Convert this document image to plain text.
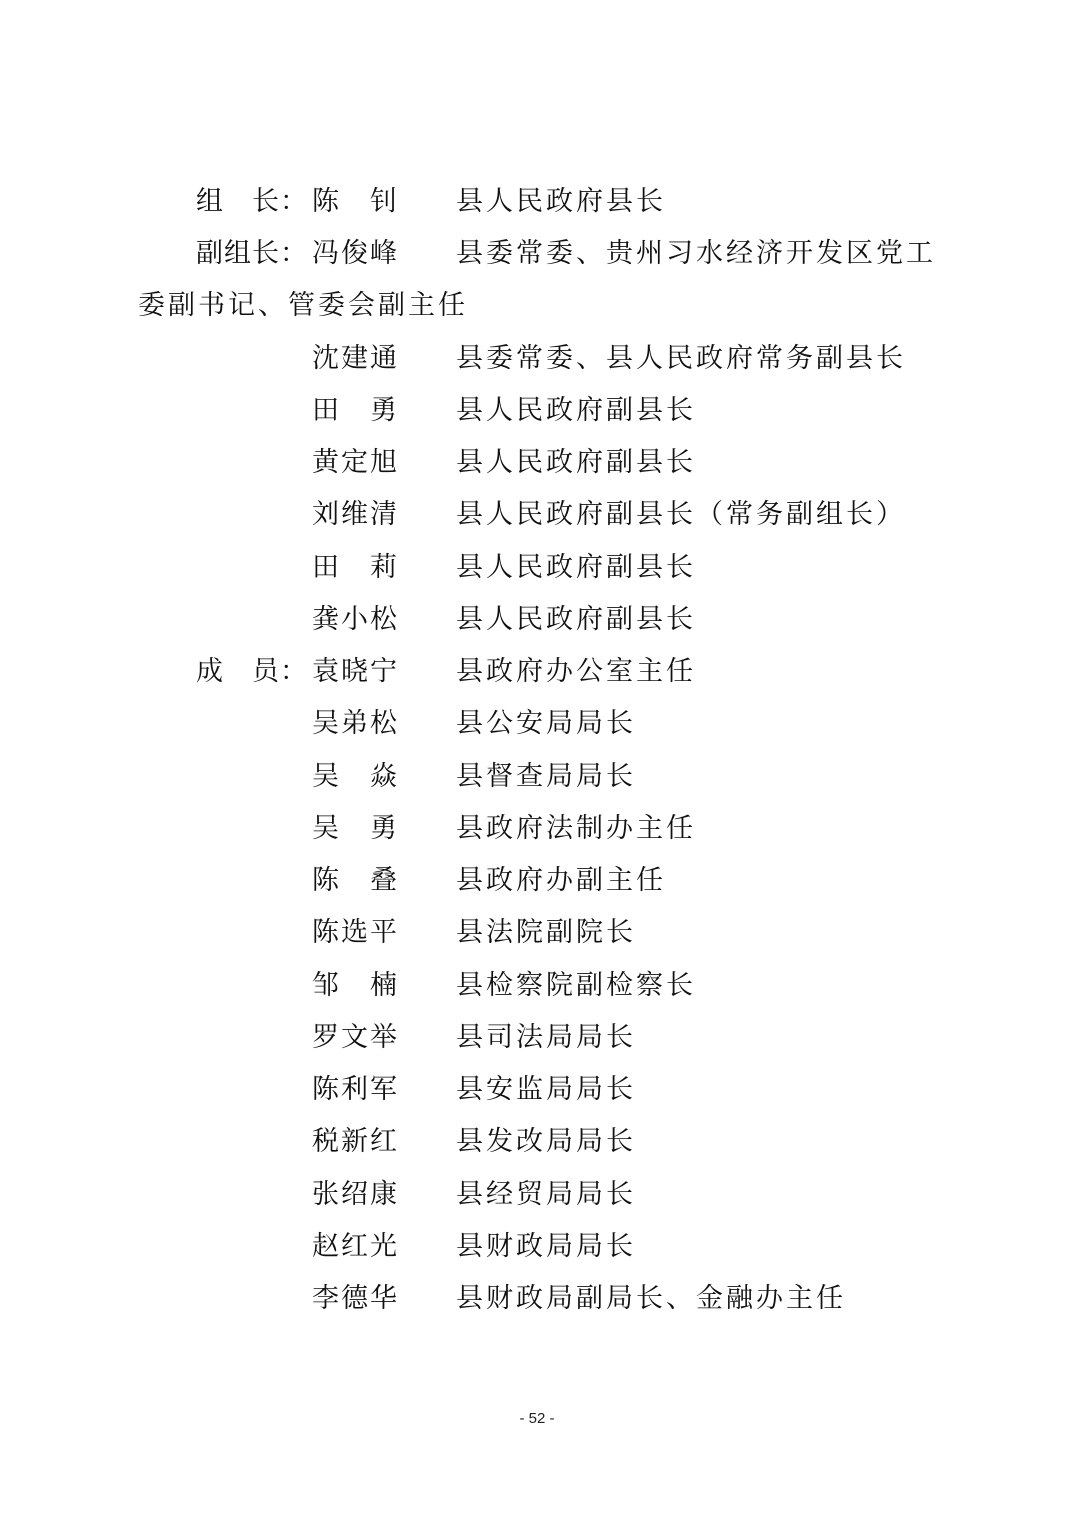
组　长： 陈　钊	县人民政府县长
副组长： 冯俊峰	县委常委、贵州习水经济开发区党工
委副书记、管委会副主任
沈建通	县委常委、县人民政府常务副县长
田　勇	县人民政府副县长
黄定旭	县人民政府副县长
刘维清	县人民政府副县长（常务副组长）
田　莉	县人民政府副县长
龚小松	县人民政府副县长
成　员： 袁晓宁	县政府办公室主任
吴弟松	县公安局局长
吴　焱	县督查局局长
吴　勇	县政府法制办主任
陈　叠	县政府办副主任
陈选平	县法院副院长
邹　楠	县检察院副检察长
罗文举	县司法局局长
陈利军	县安监局局长
税新红	县发改局局长
张绍康	县经贸局局长
赵红光	县财政局局长
李德华	县财政局副局长、金融办主任
- 52 -
